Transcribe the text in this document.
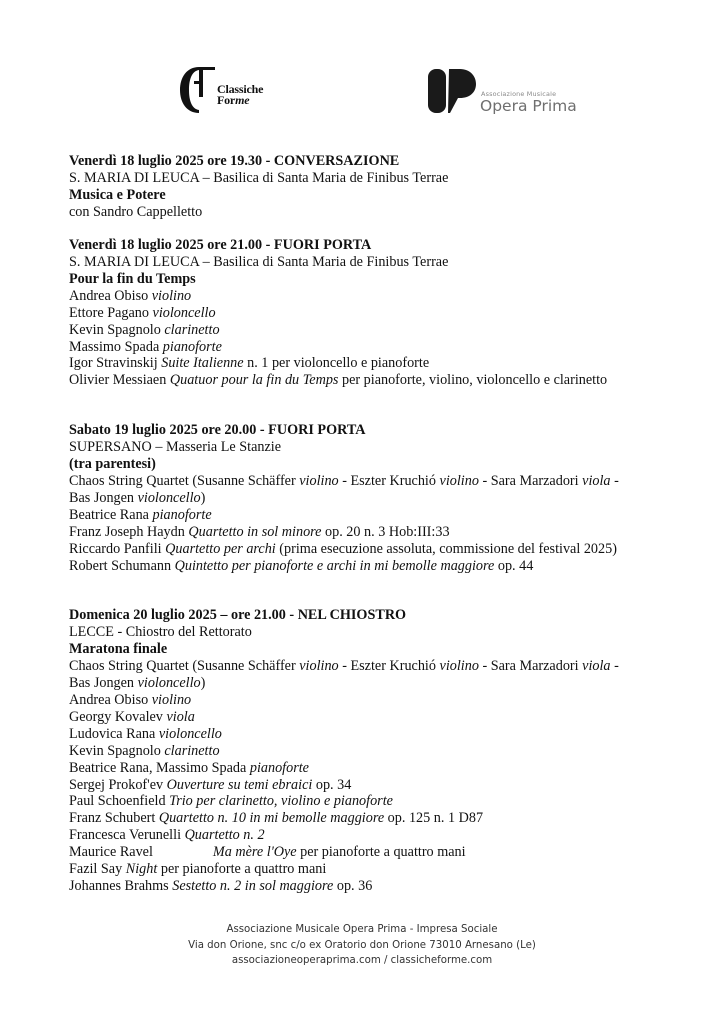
Classiche
Forme	Associazione Musicale
Opera Prima
Venerdì 18 luglio 2025 ore 19.30 - CONVERSAZIONE
S. MARIA DI LEUCA – Basilica di Santa Maria de Finibus Terrae
Musica e Potere
con Sandro Cappelletto
Venerdì 18 luglio 2025 ore 21.00 - FUORI PORTA
S. MARIA DI LEUCA – Basilica di Santa Maria de Finibus Terrae
Pour la fin du Temps
Andrea Obiso violino
Ettore Pagano violoncello
Kevin Spagnolo clarinetto
Massimo Spada pianoforte
Igor Stravinskij Suite Italienne n. 1 per violoncello e pianoforte
Olivier Messiaen Quatuor pour la fin du Temps per pianoforte, violino, violoncello e clarinetto
Sabato 19 luglio 2025 ore 20.00 - FUORI PORTA
SUPERSANO – Masseria Le Stanzie
(tra parentesi)
Chaos String Quartet (Susanne Schäffer violino - Eszter Kruchió violino - Sara Marzadori viola -
Bas Jongen violoncello)
Beatrice Rana pianoforte
Franz Joseph Haydn Quartetto in sol minore op. 20 n. 3 Hob:III:33
Riccardo Panfili Quartetto per archi (prima esecuzione assoluta, commissione del festival 2025)
Robert Schumann Quintetto per pianoforte e archi in mi bemolle maggiore op. 44
Domenica 20 luglio 2025 – ore 21.00 - NEL CHIOSTRO
LECCE - Chiostro del Rettorato
Maratona finale
Chaos String Quartet (Susanne Schäffer violino - Eszter Kruchió violino - Sara Marzadori viola -
Bas Jongen violoncello)
Andrea Obiso violino
Georgy Kovalev viola
Ludovica Rana violoncello
Kevin Spagnolo clarinetto
Beatrice Rana, Massimo Spada pianoforte
Sergej Prokof'ev Ouverture su temi ebraici op. 34
Paul Schoenfield Trio per clarinetto, violino e pianoforte
Franz Schubert Quartetto n. 10 in mi bemolle maggiore op. 125 n. 1 D87
Francesca Verunelli Quartetto n. 2
Maurice Ravel	Ma mère l'Oye per pianoforte a quattro mani
Fazil Say Night per pianoforte a quattro mani
Johannes Brahms Sestetto n. 2 in sol maggiore op. 36
Associazione Musicale Opera Prima - Impresa Sociale
Via don Orione, snc c/o ex Oratorio don Orione 73010 Arnesano (Le)
associazioneoperaprima.com / classicheforme.com
